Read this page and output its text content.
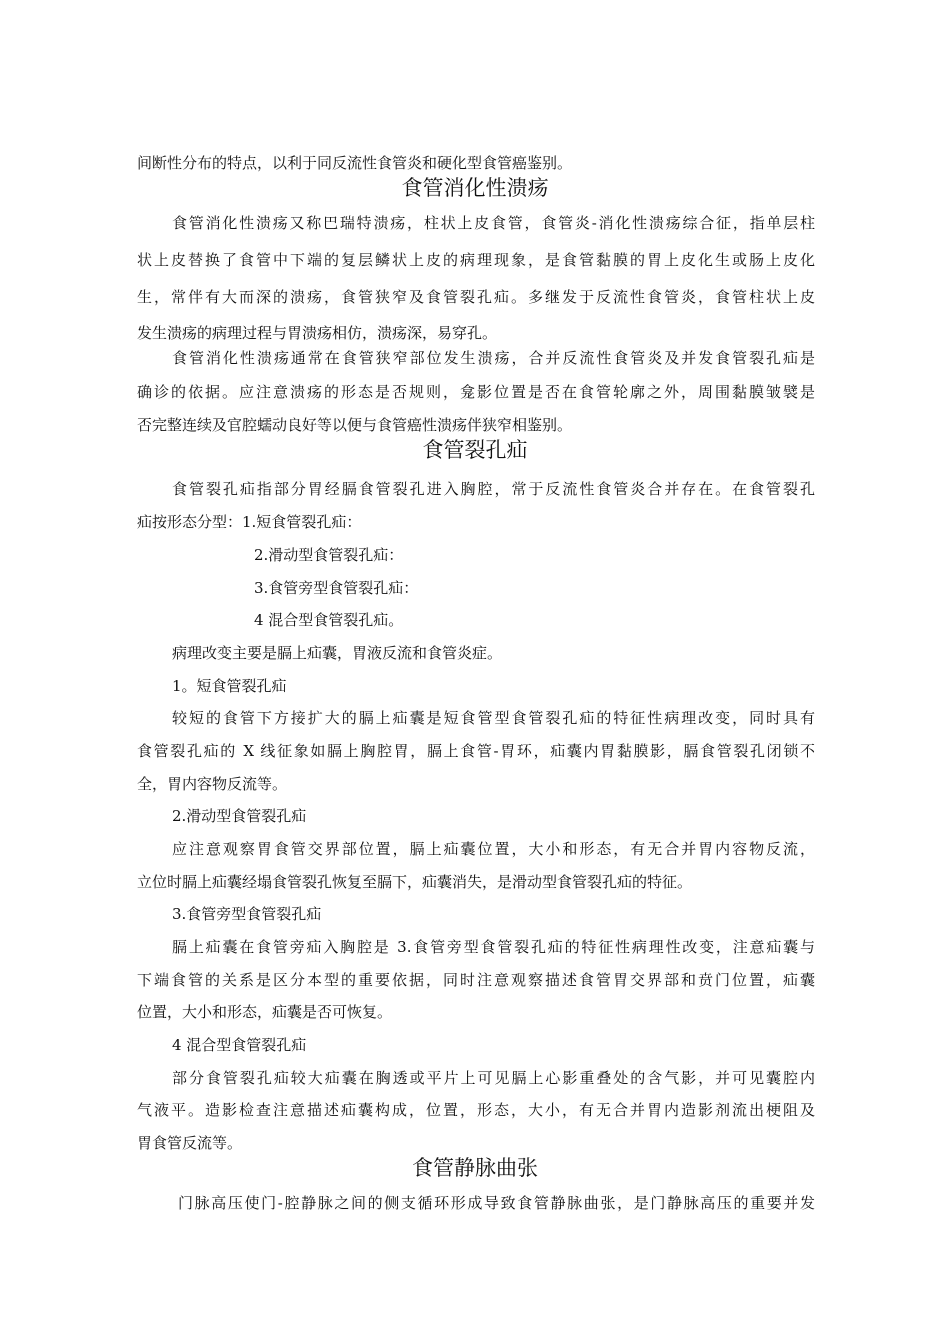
间断性分布的特点，以利于同反流性食管炎和硬化型食管癌鉴别。
食管消化性溃疡
食管消化性溃疡又称巴瑞特溃疡，柱状上皮食管，食管炎-消化性溃疡综合征，指单层柱
状上皮替换了食管中下端的复层鳞状上皮的病理现象，是食管黏膜的胃上皮化生或肠上皮化
生，常伴有大而深的溃疡，食管狭窄及食管裂孔疝。多继发于反流性食管炎，食管柱状上皮
发生溃疡的病理过程与胃溃疡相仿，溃疡深，易穿孔。
食管消化性溃疡通常在食管狭窄部位发生溃疡，合并反流性食管炎及并发食管裂孔疝是
确诊的依据。应注意溃疡的形态是否规则，龛影位置是否在食管轮廓之外，周围黏膜皱襞是
否完整连续及官腔蠕动良好等以便与食管癌性溃疡伴狭窄相鉴别。
食管裂孔疝
食管裂孔疝指部分胃经膈食管裂孔进入胸腔，常于反流性食管炎合并存在。在食管裂孔
疝按形态分型：1.短食管裂孔疝：
2.滑动型食管裂孔疝：
3.食管旁型食管裂孔疝：
4 混合型食管裂孔疝。
病理改变主要是膈上疝囊，胃液反流和食管炎症。
1。短食管裂孔疝
较短的食管下方接扩大的膈上疝囊是短食管型食管裂孔疝的特征性病理改变，同时具有
食管裂孔疝的 X 线征象如膈上胸腔胃，膈上食管-胃环，疝囊内胃黏膜影，膈食管裂孔闭锁不
全，胃内容物反流等。
2.滑动型食管裂孔疝
应注意观察胃食管交界部位置，膈上疝囊位置，大小和形态，有无合并胃内容物反流，
立位时膈上疝囊经塌食管裂孔恢复至膈下，疝囊消失，是滑动型食管裂孔疝的特征。
3.食管旁型食管裂孔疝
膈上疝囊在食管旁疝入胸腔是 3.食管旁型食管裂孔疝的特征性病理性改变，注意疝囊与
下端食管的关系是区分本型的重要依据，同时注意观察描述食管胃交界部和贲门位置，疝囊
位置，大小和形态，疝囊是否可恢复。
4 混合型食管裂孔疝
部分食管裂孔疝较大疝囊在胸透或平片上可见膈上心影重叠处的含气影，并可见囊腔内
气液平。造影检查注意描述疝囊构成，位置，形态，大小，有无合并胃内造影剂流出梗阻及
胃食管反流等。
食管静脉曲张
门脉高压使门-腔静脉之间的侧支循环形成导致食管静脉曲张，是门静脉高压的重要并发
